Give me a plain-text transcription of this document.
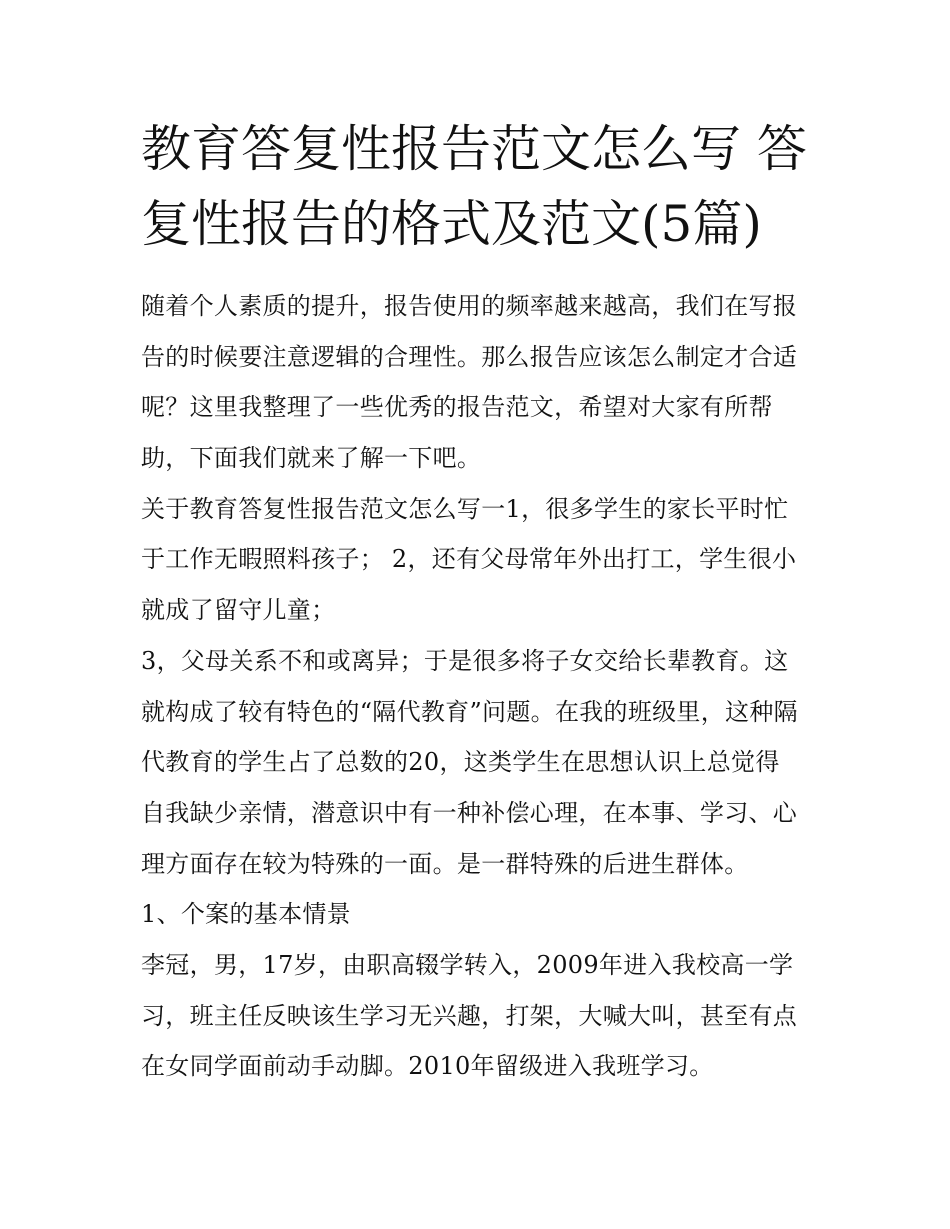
教育答复性报告范文怎么写 答
复性报告的格式及范文(5篇)
随着个人素质的提升，报告使用的频率越来越高，我们在写报
告的时候要注意逻辑的合理性。那么报告应该怎么制定才合适
呢？这里我整理了一些优秀的报告范文，希望对大家有所帮
助，下面我们就来了解一下吧。
关于教育答复性报告范文怎么写一1，很多学生的家长平时忙
于工作无暇照料孩子； 2，还有父母常年外出打工，学生很小
就成了留守儿童；
3，父母关系不和或离异；于是很多将子女交给长辈教育。这
就构成了较有特色的“隔代教育”问题。在我的班级里，这种隔
代教育的学生占了总数的20，这类学生在思想认识上总觉得
自我缺少亲情，潜意识中有一种补偿心理，在本事、学习、心
理方面存在较为特殊的一面。是一群特殊的后进生群体。
1、个案的基本情景
李冠，男，17岁，由职高辍学转入，2009年进入我校高一学
习，班主任反映该生学习无兴趣，打架，大喊大叫，甚至有点
在女同学面前动手动脚。2010年留级进入我班学习。
